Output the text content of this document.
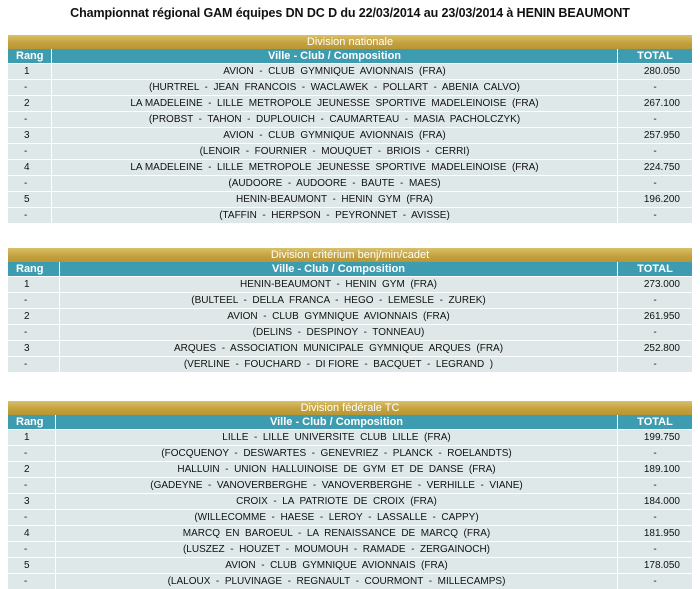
Championnat régional GAM équipes DN DC D du 22/03/2014 au 23/03/2014 à HENIN BEAUMONT
Division nationale
Rang	Ville - Club / Composition	TOTAL
1	AVION  -  CLUB  GYMNIQUE  AVIONNAIS  (FRA)	280.050
-	(HURTREL  -  JEAN  FRANCOIS  -  WACLAWEK  -  POLLART  -  ABENIA  CALVO)	-
2	LA MADELEINE  -  LILLE  METROPOLE  JEUNESSE  SPORTIVE  MADELEINOISE  (FRA)	267.100
-	(PROBST  -  TAHON  -  DUPLOUICH  -  CAUMARTEAU  -  MASIA  PACHOLCZYK)	-
3	AVION  -  CLUB  GYMNIQUE  AVIONNAIS  (FRA)	257.950
-	(LENOIR  -  FOURNIER  -  MOUQUET  -  BRIOIS  -  CERRI)	-
4	LA MADELEINE  -  LILLE  METROPOLE  JEUNESSE  SPORTIVE  MADELEINOISE  (FRA)	224.750
-	(AUDOORE  -  AUDOORE  -  BAUTE  -  MAES)	-
5	HENIN-BEAUMONT  -  HENIN  GYM  (FRA)	196.200
-	(TAFFIN  -  HERPSON  -  PEYRONNET  -  AVISSE)	-
Division critérium benj/min/cadet
Rang	Ville - Club / Composition	TOTAL
1	HENIN-BEAUMONT  -  HENIN  GYM  (FRA)	273.000
-	(BULTEEL  -  DELLA  FRANCA  -  HEGO  -  LEMESLE  -  ZUREK)	-
2	AVION  -  CLUB  GYMNIQUE  AVIONNAIS  (FRA)	261.950
-	(DELINS  -  DESPINOY  -  TONNEAU)	-
3	ARQUES  -  ASSOCIATION  MUNICIPALE  GYMNIQUE  ARQUES  (FRA)	252.800
-	(VERLINE  -  FOUCHARD  -  DI FIORE  -  BACQUET  -  LEGRAND  )	-
Division fédérale TC
Rang	Ville - Club / Composition	TOTAL
1	LILLE  -  LILLE  UNIVERSITE  CLUB  LILLE  (FRA)	199.750
-	(FOCQUENOY  -  DESWARTES  -  GENEVRIEZ  -  PLANCK  -  ROELANDTS)	-
2	HALLUIN  -  UNION  HALLUINOISE  DE  GYM  ET  DE  DANSE  (FRA)	189.100
-	(GADEYNE  -  VANOVERBERGHE  -  VANOVERBERGHE  -  VERHILLE  -  VIANE)	-
3	CROIX  -  LA  PATRIOTE  DE  CROIX  (FRA)	184.000
-	(WILLECOMME  -  HAESE  -  LEROY  -  LASSALLE  -  CAPPY)	-
4	MARCQ  EN  BAROEUL  -  LA  RENAISSANCE  DE  MARCQ  (FRA)	181.950
-	(LUSZEZ  -  HOUZET  -  MOUMOUH  -  RAMADE  -  ZERGAINOCH)	-
5	AVION  -  CLUB  GYMNIQUE  AVIONNAIS  (FRA)	178.050
-	(LALOUX  -  PLUVINAGE  -  REGNAULT  -  COURMONT  -  MILLECAMPS)	-
